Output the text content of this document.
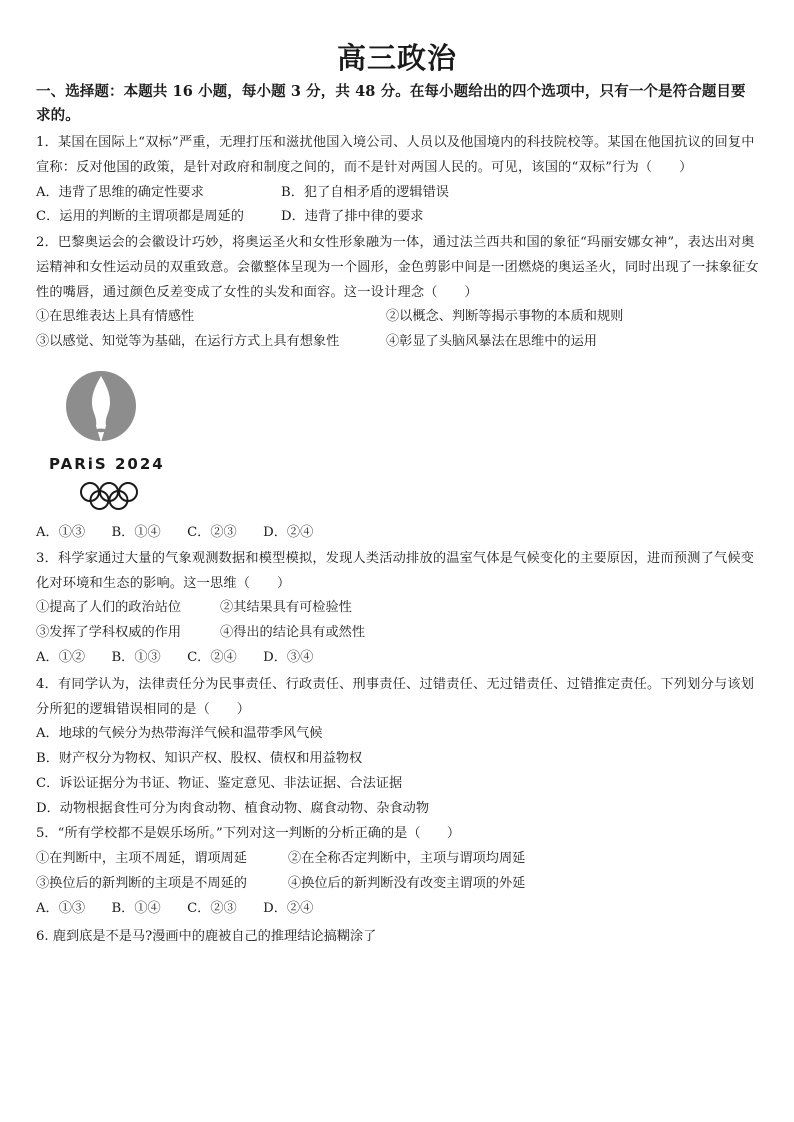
高三政治
一、选择题：本题共 16 小题，每小题 3 分，共 48 分。在每小题给出的四个选项中，只有一个是符合题目要求的。
1．某国在国际上“双标”严重，无理打压和滋扰他国入境公司、人员以及他国境内的科技院校等。某国在他国抗议的回复中宣称：反对他国的政策，是针对政府和制度之间的，而不是针对两国人民的。可见，该国的“双标”行为（　　）
A．违背了思维的确定性要求	B．犯了自相矛盾的逻辑错误
C．运用的判断的主谓项都是周延的	D．违背了排中律的要求
2．巴黎奥运会的会徽设计巧妙，将奥运圣火和女性形象融为一体，通过法兰西共和国的象征“玛丽安娜女神”，表达出对奥运精神和女性运动员的双重致意。会徽整体呈现为一个圆形，金色剪影中间是一团燃烧的奥运圣火，同时出现了一抹象征女性的嘴唇，通过颜色反差变成了女性的头发和面容。这一设计理念（　　）
①在思维表达上具有情感性	②以概念、判断等揭示事物的本质和规则
③以感觉、知觉等为基础，在运行方式上具有想象性	④彰显了头脑风暴法在思维中的运用
PARiS 2024
A．①③　　B．①④　　C．②③　　D．②④
3．科学家通过大量的气象观测数据和模型模拟，发现人类活动排放的温室气体是气候变化的主要原因，进而预测了气候变化对环境和生态的影响。这一思维（　　）
①提高了人们的政治站位	②其结果具有可检验性
③发挥了学科权威的作用	④得出的结论具有或然性
A．①②　　B．①③　　C．②④　　D．③④
4．有同学认为，法律责任分为民事责任、行政责任、刑事责任、过错责任、无过错责任、过错推定责任。下列划分与该划分所犯的逻辑错误相同的是（　　）
A．地球的气候分为热带海洋气候和温带季风气候
B．财产权分为物权、知识产权、股权、债权和用益物权
C．诉讼证据分为书证、物证、鉴定意见、非法证据、合法证据
D．动物根据食性可分为肉食动物、植食动物、腐食动物、杂食动物
5．“所有学校都不是娱乐场所。”下列对这一判断的分析正确的是（　　）
①在判断中，主项不周延，谓项周延	②在全称否定判断中，主项与谓项均周延
③换位后的新判断的主项是不周延的	④换位后的新判断没有改变主谓项的外延
A．①③　　B．①④　　C．②③　　D．②④
6. 鹿到底是不是马?漫画中的鹿被自己的推理结论搞糊涂了
